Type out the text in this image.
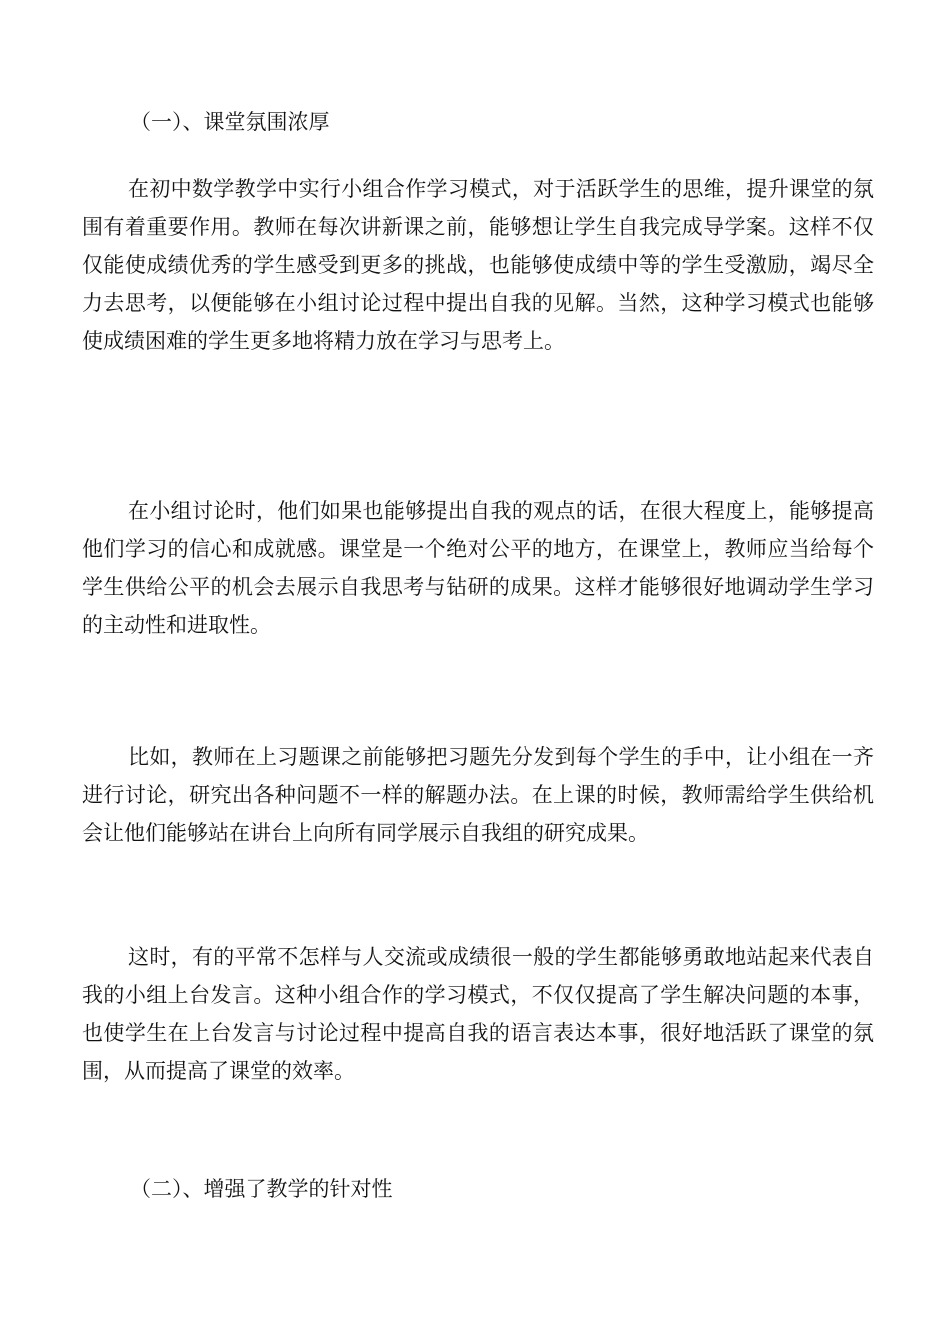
（一）、课堂氛围浓厚
在初中数学教学中实行小组合作学习模式，对于活跃学生的思维，提升课堂的氛围有着重要作用。教师在每次讲新课之前，能够想让学生自我完成导学案。这样不仅仅能使成绩优秀的学生感受到更多的挑战，也能够使成绩中等的学生受激励，竭尽全力去思考，以便能够在小组讨论过程中提出自我的见解。当然，这种学习模式也能够使成绩困难的学生更多地将精力放在学习与思考上。
在小组讨论时，他们如果也能够提出自我的观点的话，在很大程度上，能够提高他们学习的信心和成就感。课堂是一个绝对公平的地方，在课堂上，教师应当给每个学生供给公平的机会去展示自我思考与钻研的成果。这样才能够很好地调动学生学习的主动性和进取性。
比如，教师在上习题课之前能够把习题先分发到每个学生的手中，让小组在一齐进行讨论，研究出各种问题不一样的解题办法。在上课的时候，教师需给学生供给机会让他们能够站在讲台上向所有同学展示自我组的研究成果。
这时，有的平常不怎样与人交流或成绩很一般的学生都能够勇敢地站起来代表自我的小组上台发言。这种小组合作的学习模式，不仅仅提高了学生解决问题的本事，也使学生在上台发言与讨论过程中提高自我的语言表达本事，很好地活跃了课堂的氛围，从而提高了课堂的效率。
（二）、增强了教学的针对性
